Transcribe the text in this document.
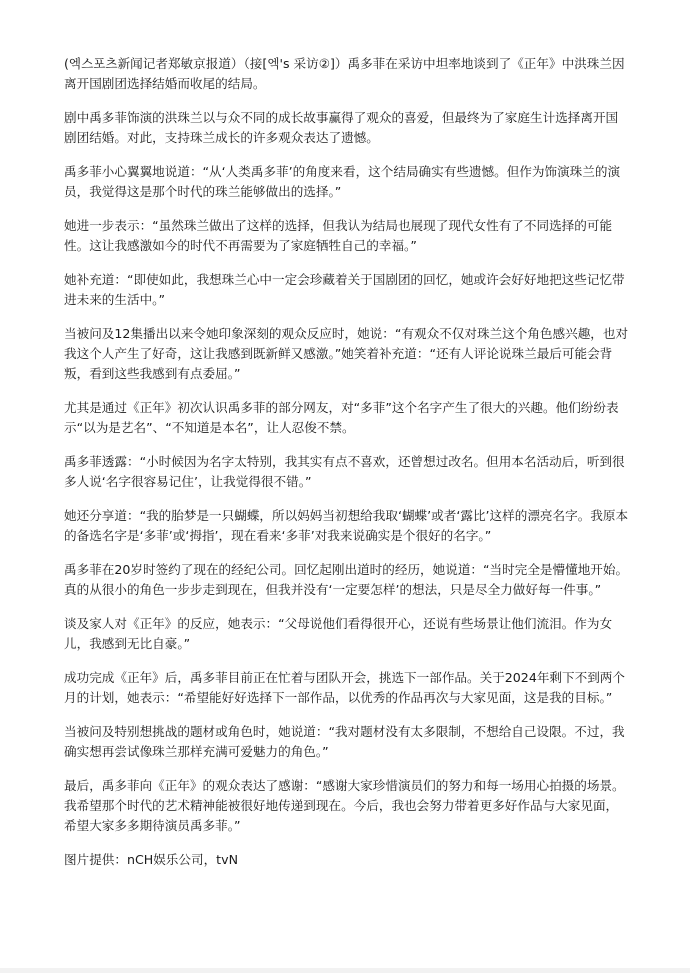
(엑스포츠新闻记者郑敏京报道）（接[엑's 采访②]）禹多菲在采访中坦率地谈到了《正年》中洪珠兰因离开国剧团选择结婚而收尾的结局。

剧中禹多菲饰演的洪珠兰以与众不同的成长故事赢得了观众的喜爱，但最终为了家庭生计选择离开国剧团结婚。对此，支持珠兰成长的许多观众表达了遗憾。

禹多菲小心翼翼地说道：“从‘人类禹多菲’的角度来看，这个结局确实有些遗憾。但作为饰演珠兰的演员，我觉得这是那个时代的珠兰能够做出的选择。”

她进一步表示：“虽然珠兰做出了这样的选择，但我认为结局也展现了现代女性有了不同选择的可能性。这让我感激如今的时代不再需要为了家庭牺牲自己的幸福。”

她补充道：“即使如此，我想珠兰心中一定会珍藏着关于国剧团的回忆，她或许会好好地把这些记忆带进未来的生活中。”

当被问及12集播出以来令她印象深刻的观众反应时，她说：“有观众不仅对珠兰这个角色感兴趣，也对我这个人产生了好奇，这让我感到既新鲜又感激。”她笑着补充道：“还有人评论说珠兰最后可能会背叛，看到这些我感到有点委屈。”

尤其是通过《正年》初次认识禹多菲的部分网友，对“多菲”这个名字产生了很大的兴趣。他们纷纷表示“以为是艺名”、“不知道是本名”，让人忍俊不禁。

禹多菲透露：“小时候因为名字太特别，我其实有点不喜欢，还曾想过改名。但用本名活动后，听到很多人说‘名字很容易记住’，让我觉得很不错。”

她还分享道：“我的胎梦是一只蝴蝶，所以妈妈当初想给我取‘蝴蝶’或者‘露比’这样的漂亮名字。我原本的备选名字是‘多菲’或‘拇指’，现在看来‘多菲’对我来说确实是个很好的名字。”

禹多菲在20岁时签约了现在的经纪公司。回忆起刚出道时的经历，她说道：“当时完全是懵懂地开始。真的从很小的角色一步步走到现在，但我并没有‘一定要怎样’的想法，只是尽全力做好每一件事。”

谈及家人对《正年》的反应，她表示：“父母说他们看得很开心，还说有些场景让他们流泪。作为女儿，我感到无比自豪。”

成功完成《正年》后，禹多菲目前正在忙着与团队开会，挑选下一部作品。关于2024年剩下不到两个月的计划，她表示：“希望能好好选择下一部作品，以优秀的作品再次与大家见面，这是我的目标。”

当被问及特别想挑战的题材或角色时，她说道：“我对题材没有太多限制，不想给自己设限。不过，我确实想再尝试像珠兰那样充满可爱魅力的角色。”

最后，禹多菲向《正年》的观众表达了感谢：“感谢大家珍惜演员们的努力和每一场用心拍摄的场景。我希望那个时代的艺术精神能被很好地传递到现在。今后，我也会努力带着更多好作品与大家见面，希望大家多多期待演员禹多菲。”

图片提供：nCH娱乐公司，tvN
